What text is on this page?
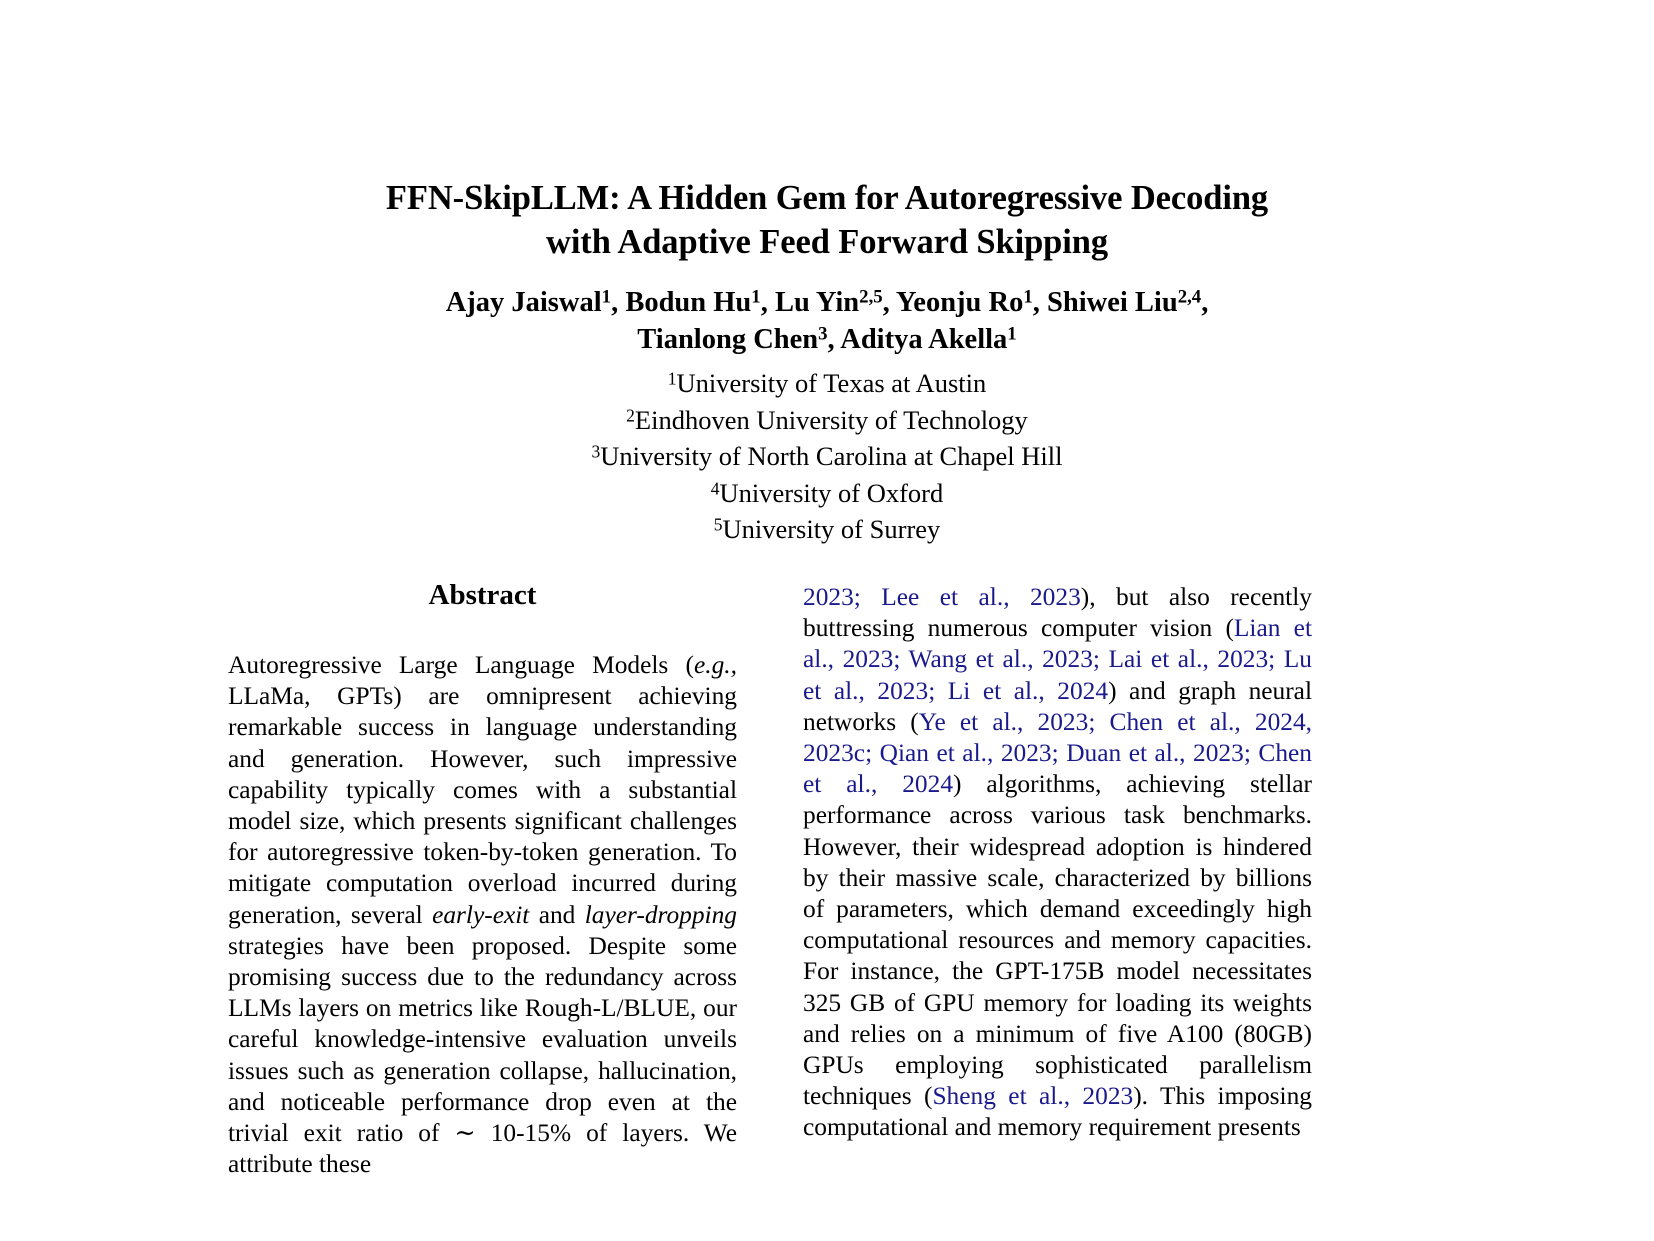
FFN-SkipLLM: A Hidden Gem for Autoregressive Decoding
with Adaptive Feed Forward Skipping
Ajay Jaiswal$^1$, Bodun Hu$^1$, Lu Yin$^{2,5}$, Yeonju Ro$^1$, Shiwei Liu$^{2,4}$,
Tianlong Chen$^3$, Aditya Akella$^1$
$^1$University of Texas at Austin
$^2$Eindhoven University of Technology
$^3$University of North Carolina at Chapel Hill
$^4$University of Oxford
$^5$University of Surrey
Abstract

Autoregressive Large Language Models (e.g., LLaMa, GPTs) are omnipresent achieving remarkable success in language understanding and generation. However, such impressive capability typically comes with a substantial model size, which presents significant challenges for autoregressive token-by-token generation. To mitigate computation overload incurred during generation, several early-exit and layer-dropping strategies have been proposed. Despite some promising success due to the redundancy across LLMs layers on metrics like Rough-L/BLUE, our careful knowledge-intensive evaluation unveils issues such as generation collapse, hallucination, and noticeable performance drop even at the trivial exit ratio of ∼ 10-15% of layers. We attribute these

2023; Lee et al., 2023), but also recently buttressing numerous computer vision (Lian et al., 2023; Wang et al., 2023; Lai et al., 2023; Lu et al., 2023; Li et al., 2024) and graph neural networks (Ye et al., 2023; Chen et al., 2024, 2023c; Qian et al., 2023; Duan et al., 2023; Chen et al., 2024) algorithms, achieving stellar performance across various task benchmarks. However, their widespread adoption is hindered by their massive scale, characterized by billions of parameters, which demand exceedingly high computational resources and memory capacities. For instance, the GPT-175B model necessitates 325 GB of GPU memory for loading its weights and relies on a minimum of five A100 (80GB) GPUs employing sophisticated parallelism techniques (Sheng et al., 2023). This imposing computational and memory requirement presents
